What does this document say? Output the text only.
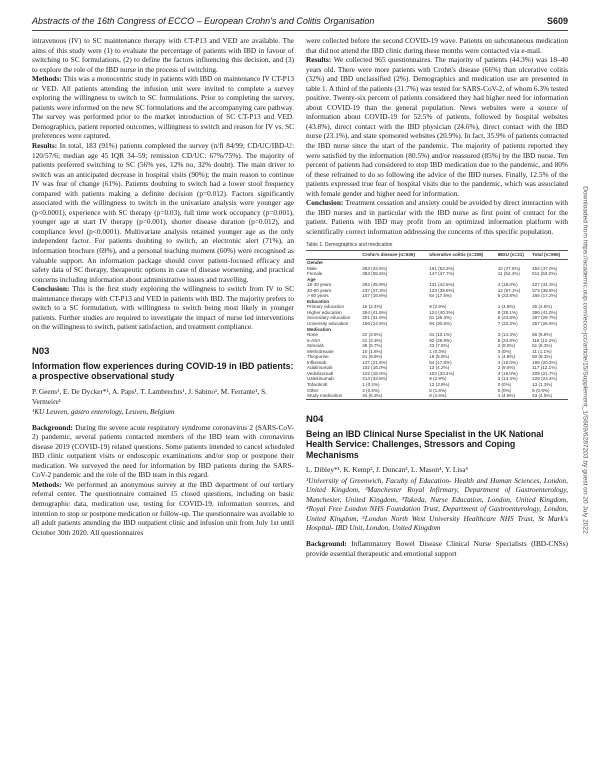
Abstracts of the 16th Congress of ECCO – European Crohn's and Colitis Organisation	S609

intravenous (IV) to SC maintenance therapy with CT-P13 and VED are available. The aims of this study were (1) to evaluate the percentage of patients with IBD in favour of switching to SC formulations, (2) to define the factors influencing this decision, and (3) to explore the role of the IBD nurse in the process of switching.

Methods: This was a monocentric study in patients with IBD on maintenance IV CT-P13 or VED. All patients attending the infusion unit were invited to complete a survey exploring the willingness to switch to SC formulations. Prior to completing the survey, patients were informed on the new SC formulations and the accompanying care pathway. The survey was performed prior to the market introduction of SC CT-P13 and VED. Demographics, patient reported outcomes, willingness to switch and reason for IV vs. SC preferences were captured.

Results: In total, 183 (91%) patients completed the survey (n/fl 84/99; CD/UC/IBD-U: 120/57/6; median age 45 IQR 34–59; remission CD/UC: 67%/75%). The majority of patients preferred switching to SC (56% yes, 12% no, 32% doubt). The main driver to switch was an anticipated decrease in hospital visits (90%); the main reason to continue IV was fear of change (61%). Patients doubting to switch had a lower stool frequency compared with patients making a definite decision (p=0.012). Factors significantly associated with the willingness to switch in the univariate analysis were younger age (p<0.0001), experience with SC therapy (p=0.03), full time work occupancy (p=0.001), younger age at start IV therapy (p=0.001), shorter disease duration (p=0.012), and compliance level (p<0.0001). Multivariate analysis retained younger age as the only independent factor. For patients doubting to switch, an electronic alert (71%), an information brochure (69%), and a personal teaching moment (60%) were recognised as valuable support. An information package should cover patient-focused efficacy and safety data of SC therapy, therapeutic options in case of disease worsening, and practical concerns including information about administrative issues and travelling.

Conclusion: This is the first study exploring the willingness to switch from IV to SC maintenance therapy with CT-P13 and VED in patients with IBD. The majority prefers to switch to a SC formulation, with willingness to switch being most likely in younger patients. Further studies are required to investigate the impact of nurse led interventions on the willingness to switch, patient satisfaction, and treatment compliance.

N03
Information flow experiences during COVID-19 in IBD patients: a prospective observational study
P. Geens¹, E. De Dycker*¹, A. Paps¹, T. Lambrechts¹, J. Sabino¹, M. Ferrante¹, S. Vermeire¹
¹KU Leuven, gastro enterology, Leuven, Belgium

Background: During the severe acute respiratory syndrome coronavirus 2 (SARS-CoV-2) pandemic, several patients contacted members of the IBD team with coronavirus disease 2019 (COVID-19) related questions. Some patients intended to cancel scheduled IBD clinic outpatient visits or endoscopic examinations and/or stop or postpone their medication. We surveyed the need for information by IBD patients during the SARS-CoV-2 pandemic and the role of the IBD team in this regard.

Methods: We performed an anonymous survey at the IBD department of our tertiary referral center. The questionnaire contained 15 closed questions, including on basic demographic data, medication use, testing for COVID-19, information sources, and intention to stop or postpone medication or follow-up. The questionnaire was available to all adult patients attending the IBD outpatient clinic and infusion unit from July 1st until October 30th 2020. All questionnaires

were collected before the second COVID-19 wave. Patients on subcutaneous medication that did not attend the IBD clinic during these months were contacted via e-mail.

Results: We collected 965 questionnaires. The majority of patients (44.3%) was 18–40 years old. There were more patients with Crohn's disease (66%) than ulcerative colitis (32%) and IBD unclassified (2%). Demographics and medication use are presented in table 1. A third of the patients (31.7%) was tested for SARS-CoV-2, of whom 6.3% tested positive. Twenty-six percent of patients considered they had higher need for information about COVID-19 than the general population. News websites were a source of information about COVID-19 for 52.5% of patients, followed by hospital websites (43.8%), direct contact with the IBD physician (24.6%), direct contact with the IBD nurse (23.1%), and state sponsored websites (20.9%). In fact, 35.9% of patients contacted the IBD nurse since the start of the pandemic. The majority of patients reported they were satisfied by the information (80.5%) and/or reassured (85%) by the IBD nurse. Ten percent of patients had considered to stop IBD medication due to the pandemic, and 80% of these refrained to do so following the advice of the IBD nurses. Finally, 12.5% of the patients expressed true fear of hospital visits due to the pandemic, which was associated with female gender and higher need for information.

Conclusion: Treatment cessation and anxiety could be avoided by direct interaction with the IBD nurses and in particular with the IBD nurse as first point of contact for the patient. Patients with IBD may profit from an optimized information platform with scientifically correct information addressing the concerns of this specific population.

Table 1. Demographics and medication
	Crohn's disease (n=636)	Ulcerative colitis (n=308)	IBDU (n=21)	Total (n=965)
Gender				
Male	283 (44.5%)	161 (52.3%)	10 (47.6%)	454 (47.0%)
Female	353 (55.5%)	147 (47.7%)	11 (52.4%)	511 (53.0%)
Age				
18-40 years	292 (45.9%)	131 (42.5%)	4 (19.0%)	427 (44.3%)
40-60 years	237 (37.3%)	123 (39.9%)	12 (57.1%)	372 (38.5%)
> 60 years	107 (16.8%)	54 (17.5%)	5 (23.8%)	166 (17.2%)
Education				
Primary education	15 (2.4%)	9 (2.9%)	1 (4.8%)	25 (2.6%)
Higher education	264 (41.5%)	124 (40.3%)	8 (38.1%)	396 (41.0%)
Secondary education	201 (31.6%)	81 (26.3%)	5 (23.8%)	287 (29.7%)
University education	156 (24.5%)	94 (30.5%)	7 (33.3%)	257 (26.6%)
Medication				
None	22 (3.5%)	31 (10.1%)	3 (14.3%)	56 (5.8%)
5-ASA	21 (3.3%)	92 (29.9%)	5 (23.8%)	118 (12.2%)
Steroids	36 (5.7%)	23 (7.5%)	2 (9.5%)	61 (6.3%)
Methotrexate	10 (1.6%)	1 (0.3%)	0 (0%)	11 (1.1%)
Thiopurine	61 (9.6%)	18 (5.8%)	1 (4.8%)	80 (8.3%)
Infliximab	137 (21.5%)	54 (17.5%)	4 (19.0%)	195 (20.2%)
Adalimumab	102 (16.0%)	13 (4.2%)	2 (9.5%)	117 (12.1%)
Vedolizumab	102 (16.0%)	103 (33.4%)	4 (19.0%)	209 (21.7%)
Ustekinumab	214 (33.6%)	9 (2.9%)	3 (14.3%)	226 (23.4%)
Tofacitinib	1 (0.2%)	12 (3.9%)	0 (0%)	13 (1.3%)
Other	4 (0.6%)	5 (1.6%)	0 (0%)	9 (0.9%)
Study medication	34 (5.3%)	8 (2.6%)	1 (4.8%)	43 (4.5%)
N04
Being an IBD Clinical Nurse Specialist in the UK National Health Service: Challenges, Stressors and Coping Mechanisms
L. Dibley*¹, K. Kemp², J. Duncan³, L. Mason⁴, Y. Lisa⁵
¹University of Greenwich, Faculty of Education- Health and Human Sciences, London, United Kingdom, ²Manchester Royal Infirmary, Department of Gastroenterology, Manchester, United Kingdom, ³Takeda, Nurse Education, London, United Kingdom, ⁴Royal Free London NHS Foundation Trust, Department of Gastroenterology, London, United Kingdom, ⁵London North West University Healthcare NHS Trust, St Mark's Hospital- IBD Unit, London, United Kingdom

Background: Inflammatory Bowel Disease Clinical Nurse Specialists (IBD-CNSs) provide essential therapeutic and emotional support

Downloaded from https://academic.oup.com/ecco-jcc/article/15/Supplement_1/S609/6287203 by guest on 20 July 2022
